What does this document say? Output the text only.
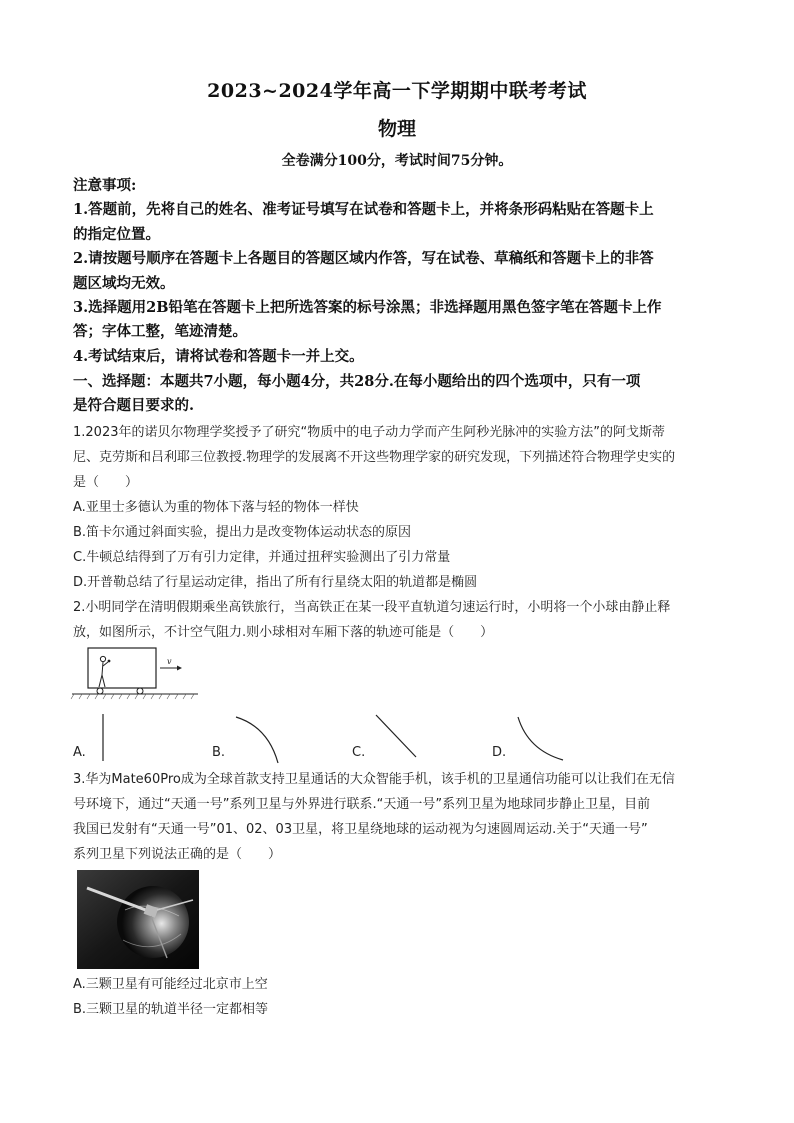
2023~2024学年高一下学期期中联考考试
物理
全卷满分100分，考试时间75分钟。
注意事项:
1.答题前，先将自己的姓名、准考证号填写在试卷和答题卡上，并将条形码粘贴在答题卡上
的指定位置。
2.请按题号顺序在答题卡上各题目的答题区域内作答，写在试卷、草稿纸和答题卡上的非答
题区域均无效。
3.选择题用2B铅笔在答题卡上把所选答案的标号涂黑；非选择题用黑色签字笔在答题卡上作
答；字体工整，笔迹清楚。
4.考试结束后，请将试卷和答题卡一并上交。
一、选择题：本题共7小题，每小题4分，共28分.在每小题给出的四个选项中，只有一项
是符合题目要求的.
1.2023年的诺贝尔物理学奖授予了研究“物质中的电子动力学而产生阿秒光脉冲的实验方法”的阿戈斯蒂
尼、克劳斯和吕利耶三位教授.物理学的发展离不开这些物理学家的研究发现，下列描述符合物理学史实的
是（　　）
A.亚里士多德认为重的物体下落与轻的物体一样快
B.笛卡尔通过斜面实验，提出力是改变物体运动状态的原因
C.牛顿总结得到了万有引力定律，并通过扭秤实验测出了引力常量
D.开普勒总结了行星运动定律，指出了所有行星绕太阳的轨道都是椭圆
2.小明同学在清明假期乘坐高铁旅行，当高铁正在某一段平直轨道匀速运行时，小明将一个小球由静止释
放，如图所示，不计空气阻力.则小球相对车厢下落的轨迹可能是（　　）
v
A.	B.	C.	D.
3.华为Mate60Pro成为全球首款支持卫星通话的大众智能手机，该手机的卫星通信功能可以让我们在无信
号环境下，通过“天通一号”系列卫星与外界进行联系.“天通一号”系列卫星为地球同步静止卫星，目前
我国已发射有“天通一号”01、02、03卫星，将卫星绕地球的运动视为匀速圆周运动.关于“天通一号”
系列卫星下列说法正确的是（　　）
A.三颗卫星有可能经过北京市上空
B.三颗卫星的轨道半径一定都相等
